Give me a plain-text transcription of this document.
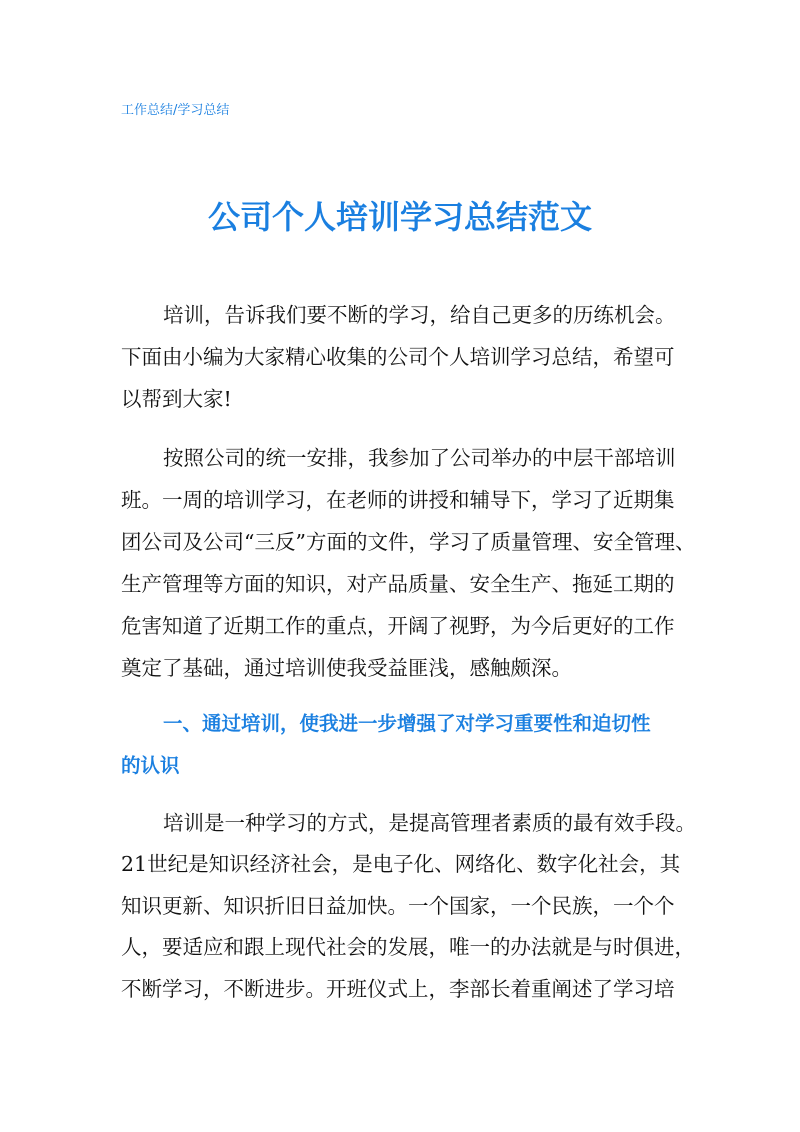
工作总结/学习总结
公司个人培训学习总结范文
培训，告诉我们要不断的学习，给自己更多的历练机会。
下面由小编为大家精心收集的公司个人培训学习总结，希望可
以帮到大家!
按照公司的统一安排，我参加了公司举办的中层干部培训
班。一周的培训学习，在老师的讲授和辅导下，学习了近期集
团公司及公司“三反”方面的文件，学习了质量管理、安全管理、
生产管理等方面的知识，对产品质量、安全生产、拖延工期的
危害知道了近期工作的重点，开阔了视野，为今后更好的工作
奠定了基础，通过培训使我受益匪浅，感触颇深。
一、通过培训，使我进一步增强了对学习重要性和迫切性
的认识
培训是一种学习的方式，是提高管理者素质的最有效手段。
21世纪是知识经济社会，是电子化、网络化、数字化社会，其
知识更新、知识折旧日益加快。一个国家，一个民族，一个个
人，要适应和跟上现代社会的发展，唯一的办法就是与时俱进，
不断学习，不断进步。开班仪式上，李部长着重阐述了学习培
